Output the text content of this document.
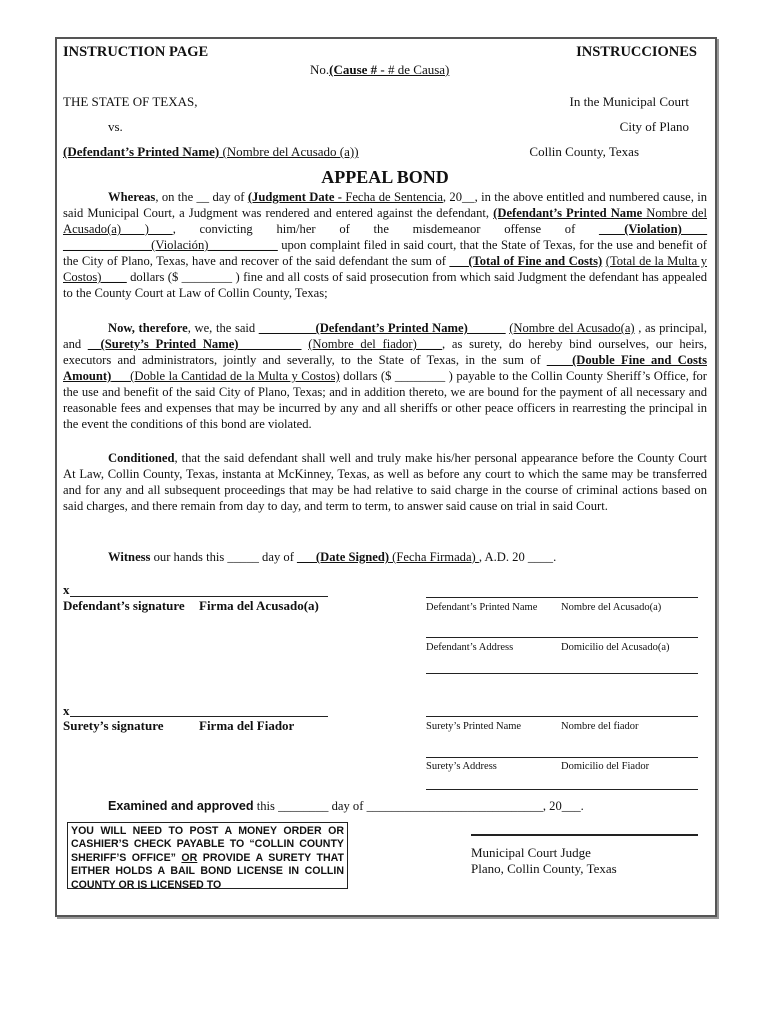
INSTRUCTION PAGE	INSTRUCCIONES
No.(Cause # - # de Causa)
THE STATE OF TEXAS,	In the Municipal Court
vs.	City of Plano
(Defendant’s Printed Name) (Nombre del Acusado (a))	Collin County, Texas
APPEAL BOND

Whereas, on the __ day of (Judgment Date - Fecha de Sentencia, 20__, in the above entitled and numbered cause, in said Municipal Court, a Judgment was rendered and entered against the defendant, (Defendant’s Printed Name Nombre del Acusado(a) ) , convicting him/her of the misdemeanor offense of ____(Violation)____ ______________(Violación)___________ upon complaint filed in said court, that the State of Texas, for the use and benefit of the City of Plano, Texas, have and recover of the said defendant the sum of ___(Total of Fine and Costs) (Total de la Multa y Costos)____ dollars ($ ________ ) fine and all costs of said prosecution from which said Judgment the defendant has appealed to the County Court at Law of Collin County, Texas;

Now, therefore, we, the said _________(Defendant’s Printed Name)______ (Nombre del Acusado(a) , as principal, and __(Surety’s Printed Name)__________ (Nombre del fiador)____, as surety, do hereby bind ourselves, our heirs, executors and administrators, jointly and severally, to the State of Texas, in the sum of ____(Double Fine and Costs Amount)___(Doble la Cantidad de la Multa y Costos) dollars ($ ________ ) payable to the Collin County Sheriff’s Office, for the use and benefit of the said City of Plano, Texas; and in addition thereto, we are bound for the payment of all necessary and reasonable fees and expenses that may be incurred by any and all sheriffs or other peace officers in rearresting the principal in the event the conditions of this bond are violated.

Conditioned, that the said defendant shall well and truly make his/her personal appearance before the County Court At Law, Collin County, Texas, instanta at McKinney, Texas, as well as before any court to which the same may be transferred and for any and all subsequent proceedings that may be had relative to said charge in the course of criminal actions based on said charges, and there remain from day to day, and term to term, to answer said cause on trial in said Court.

Witness our hands this _____ day of ___(Date Signed) (Fecha Firmada) , A.D. 20 ____.

x
Defendant’s signature Firma del Acusado(a)	Defendant’s Printed Name Nombre del Acusado(a)
Defendant’s Address	Domicilio del Acusado(a)
x
Surety’s signature	Firma del Fiador	Surety’s Printed Name	Nombre del fiador
Surety’s Address	Domicilio del Fiador
Examined and approved this ________ day of ____________________________, 20___.
YOU WILL NEED TO POST A MONEY ORDER OR CASHIER’S CHECK PAYABLE TO “COLLIN COUNTY SHERIFF’S OFFICE” OR PROVIDE A SURETY THAT EITHER HOLDS A BAIL BOND LICENSE IN COLLIN COUNTY OR IS LICENSED TO
Municipal Court Judge
Plano, Collin County, Texas
